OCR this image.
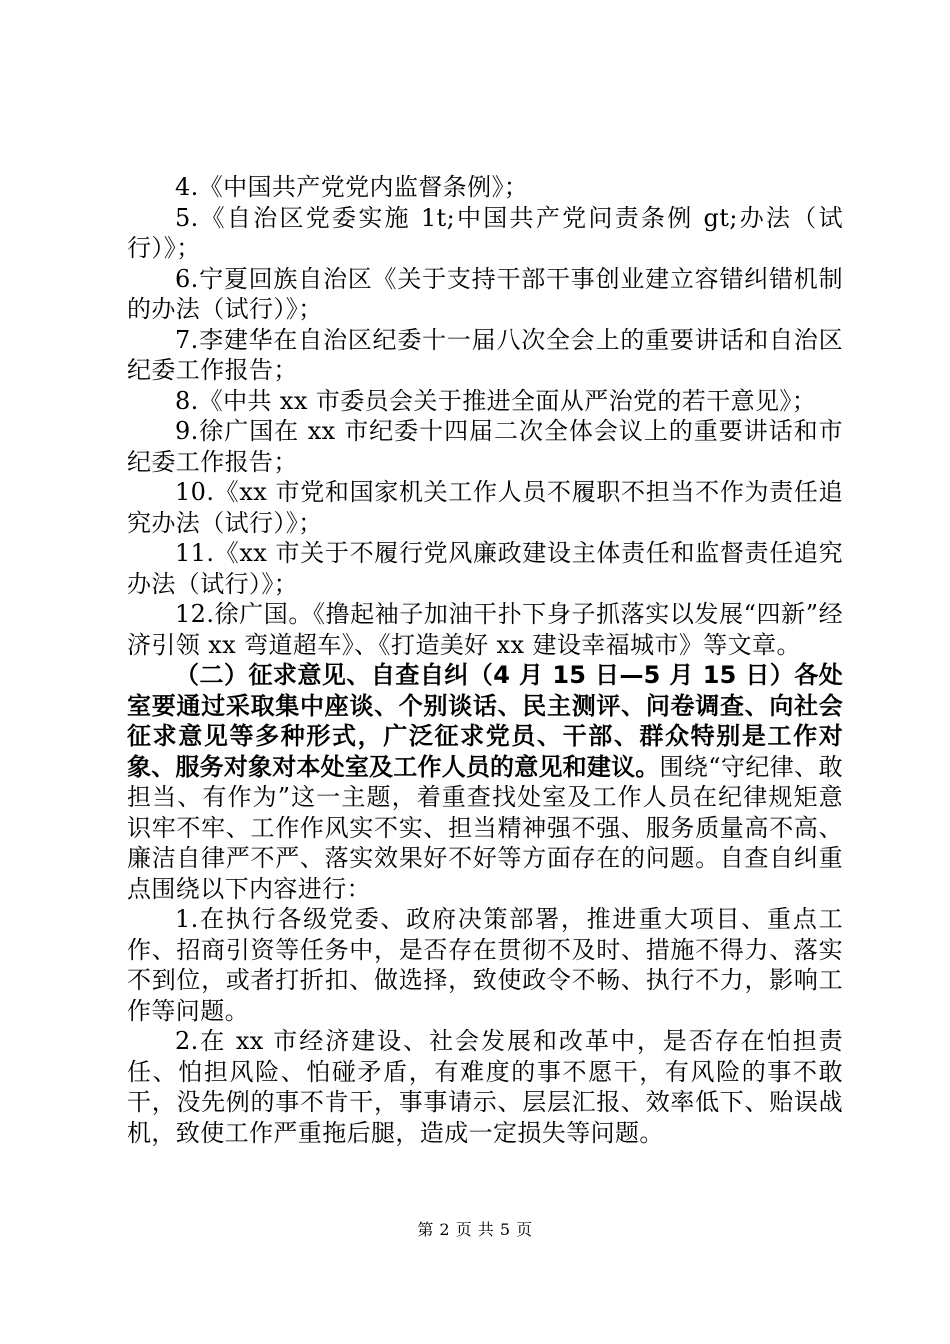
4.《中国共产党党内监督条例》；

5.《自治区党委实施 1t;中国共产党问责条例 gt;办法（试行）》；

6.宁夏回族自治区《关于支持干部干事创业建立容错纠错机制的办法（试行）》；

7.李建华在自治区纪委十一届八次全会上的重要讲话和自治区纪委工作报告；

8.《中共 xx 市委员会关于推进全面从严治党的若干意见》；

9.徐广国在 xx 市纪委十四届二次全体会议上的重要讲话和市纪委工作报告；

10.《xx 市党和国家机关工作人员不履职不担当不作为责任追究办法（试行）》；

11.《xx 市关于不履行党风廉政建设主体责任和监督责任追究办法（试行）》；

12.徐广国。《撸起袖子加油干扑下身子抓落实以发展“四新”经济引领 xx 弯道超车》、《打造美好 xx 建设幸福城市》等文章。

（二）征求意见、自查自纠（4 月 15 日—5 月 15 日）各处室要通过采取集中座谈、个别谈话、民主测评、问卷调查、向社会征求意见等多种形式，广泛征求党员、干部、群众特别是工作对象、服务对象对本处室及工作人员的意见和建议。围绕“守纪律、敢担当、有作为”这一主题，着重查找处室及工作人员在纪律规矩意识牢不牢、工作作风实不实、担当精神强不强、服务质量高不高、廉洁自律严不严、落实效果好不好等方面存在的问题。自查自纠重点围绕以下内容进行：

1.在执行各级党委、政府决策部署，推进重大项目、重点工作、招商引资等任务中，是否存在贯彻不及时、措施不得力、落实不到位，或者打折扣、做选择，致使政令不畅、执行不力，影响工作等问题。

2.在 xx 市经济建设、社会发展和改革中，是否存在怕担责任、怕担风险、怕碰矛盾，有难度的事不愿干，有风险的事不敢干，没先例的事不肯干，事事请示、层层汇报、效率低下、贻误战机，致使工作严重拖后腿，造成一定损失等问题。

第 2 页 共 5 页
